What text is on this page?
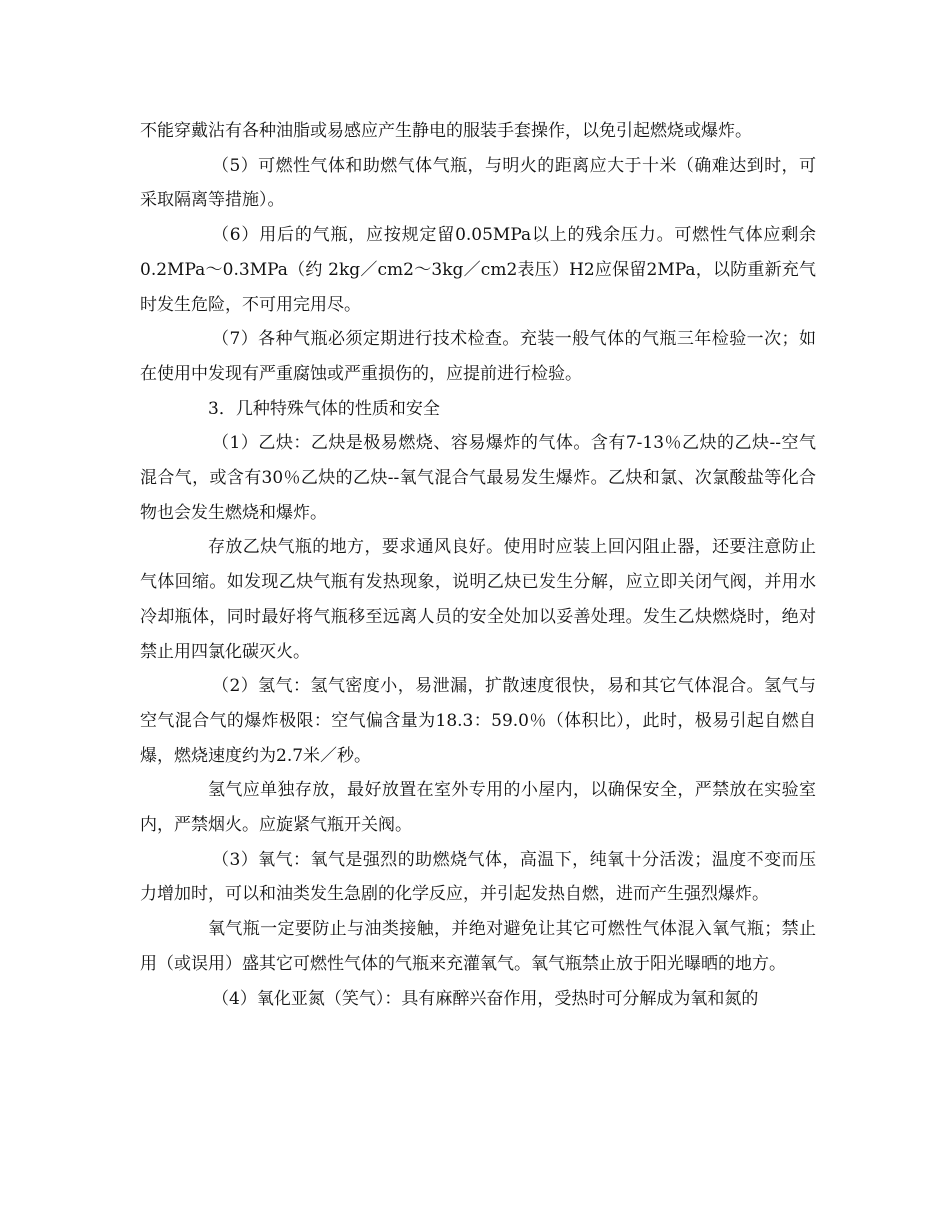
不能穿戴沾有各种油脂或易感应产生静电的服装手套操作，以免引起燃烧或爆炸。

（5）可燃性气体和助燃气体气瓶，与明火的距离应大于十米（确难达到时，可采取隔离等措施）。

（6）用后的气瓶，应按规定留0.05MPa以上的残余压力。可燃性气体应剩余0.2MPa～0.3MPa（约 2kg／cm2～3kg／cm2表压）H2应保留2MPa，以防重新充气时发生危险，不可用完用尽。

（7）各种气瓶必须定期进行技术检查。充装一般气体的气瓶三年检验一次；如在使用中发现有严重腐蚀或严重损伤的，应提前进行检验。

3．几种特殊气体的性质和安全

（1）乙炔：乙炔是极易燃烧、容易爆炸的气体。含有7-13％乙炔的乙炔--空气混合气，或含有30％乙炔的乙炔--氧气混合气最易发生爆炸。乙炔和氯、次氯酸盐等化合物也会发生燃烧和爆炸。

存放乙炔气瓶的地方，要求通风良好。使用时应装上回闪阻止器，还要注意防止气体回缩。如发现乙炔气瓶有发热现象，说明乙炔已发生分解，应立即关闭气阀，并用水冷却瓶体，同时最好将气瓶移至远离人员的安全处加以妥善处理。发生乙炔燃烧时，绝对禁止用四氯化碳灭火。

（2）氢气：氢气密度小，易泄漏，扩散速度很快，易和其它气体混合。氢气与空气混合气的爆炸极限：空气偏含量为18.3：59.0％（体积比），此时，极易引起自燃自爆，燃烧速度约为2.7米／秒。

氢气应单独存放，最好放置在室外专用的小屋内，以确保安全，严禁放在实验室内，严禁烟火。应旋紧气瓶开关阀。

（3）氧气：氧气是强烈的助燃烧气体，高温下，纯氧十分活泼；温度不变而压力增加时，可以和油类发生急剧的化学反应，并引起发热自燃，进而产生强烈爆炸。

氧气瓶一定要防止与油类接触，并绝对避免让其它可燃性气体混入氧气瓶；禁止用（或误用）盛其它可燃性气体的气瓶来充灌氧气。氧气瓶禁止放于阳光曝晒的地方。

（4）氧化亚氮（笑气）：具有麻醉兴奋作用，受热时可分解成为氧和氮的
